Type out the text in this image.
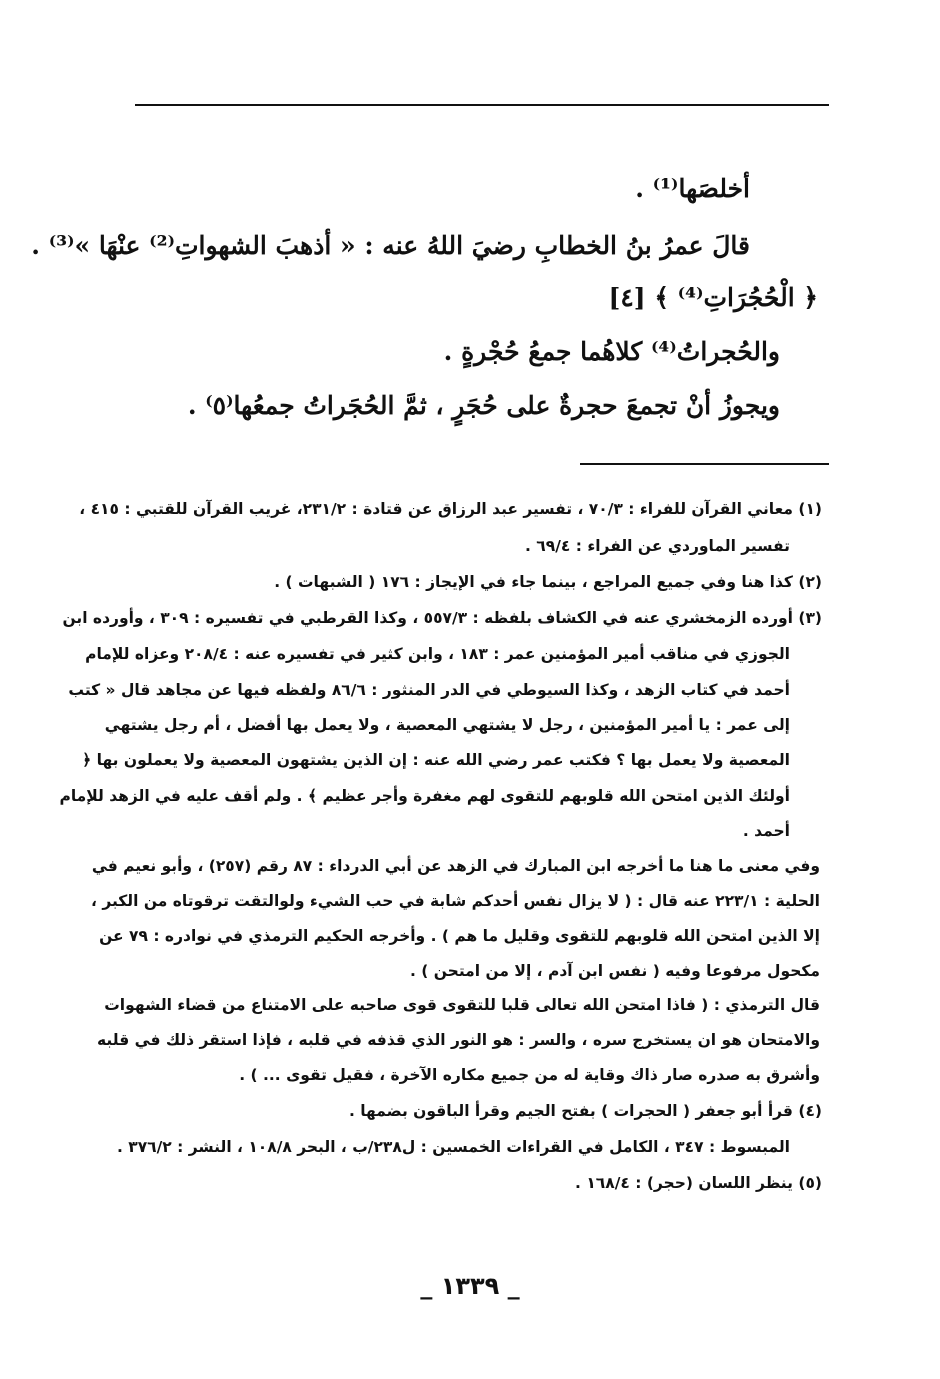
أخلصَها⁽¹⁾ .
قالَ عمرُ بنُ الخطابِ رضيَ اللهُ عنه : « أذهبَ الشهواتِ⁽²⁾ عنْهَا »⁽³⁾ .
﴿ الْحُجُرَاتِ⁽⁴⁾ ﴾ [٤]
والحُجراتُ⁽⁴⁾ كلاهُما جمعُ حُجْرةٍ .
ويجوزُ أنْ تجمعَ حجرةٌ على حُجَرٍ ، ثمَّ الحُجَراتُ جمعُها⁽٥⁾ .
(١) معاني القرآن للفراء : ٧٠/٣ ، تفسير عبد الرزاق عن قتادة : ٢٣١/٢، غريب القرآن للقتبي : ٤١٥ ،
تفسير الماوردي عن الفراء : ٦٩/٤ .
(٢) كذا هنا وفي جميع المراجع ، بينما جاء في الإيجاز : ١٧٦ ( الشبهات ) .
(٣) أورده الزمخشري عنه في الكشاف بلفظه : ٥٥٧/٣ ، وكذا القرطبي في تفسيره : ٣٠٩ ، وأورده ابن
الجوزي في مناقب أمير المؤمنين عمر : ١٨٣ ، وابن كثير في تفسيره عنه : ٢٠٨/٤ وعزاه للإمام
أحمد في كتاب الزهد ، وكذا السيوطي في الدر المنثور : ٨٦/٦ ولفظه فيها عن مجاهد قال « كتب
إلى عمر : يا أمير المؤمنين ، رجل لا يشتهي المعصية ، ولا يعمل بها أفضل ، أم رجل يشتهي
المعصية ولا يعمل بها ؟ فكتب عمر رضي الله عنه : إن الذين يشتهون المعصية ولا يعملون بها ﴿
أولئك الذين امتحن الله قلوبهم للتقوى لهم مغفرة وأجر عظيم ﴾ . ولم أقف عليه في الزهد للإمام
أحمد .
وفي معنى ما هنا ما أخرجه ابن المبارك في الزهد عن أبي الدرداء : ٨٧ رقم (٢٥٧) ، وأبو نعيم في
الحلية : ٢٢٣/١ عنه قال : ( لا يزال نفس أحدكم شابة في حب الشيء ولوالتقت ترقوتاه من الكبر ،
إلا الذين امتحن الله قلوبهم للتقوى وقليل ما هم ) . وأخرجه الحكيم الترمذي في نوادره : ٧٩ عن
مكحول مرفوعا وفيه ( نفس ابن آدم ، إلا من امتحن ) .
قال الترمذي : ( فاذا امتحن الله تعالى قلبا للتقوى قوى صاحبه على الامتناع من قضاء الشهوات
والامتحان هو ان يستخرج سره ، والسر : هو النور الذي قذفه في قلبه ، فإذا استقر ذلك في قلبه
وأشرق به صدره صار ذاك وقاية له من جميع مكاره الآخرة ، فقيل تقوى ... ) .
(٤) قرأ أبو جعفر ( الحجرات ) بفتح الجيم وقرأ الباقون بضمها .
المبسوط : ٣٤٧ ، الكامل في القراءات الخمسين : ل٢٣٨/ب ، البحر ١٠٨/٨ ، النشر : ٣٧٦/٢ .
(٥) ينظر اللسان (حجر) : ١٦٨/٤ .
_ ١٣٣٩ _
